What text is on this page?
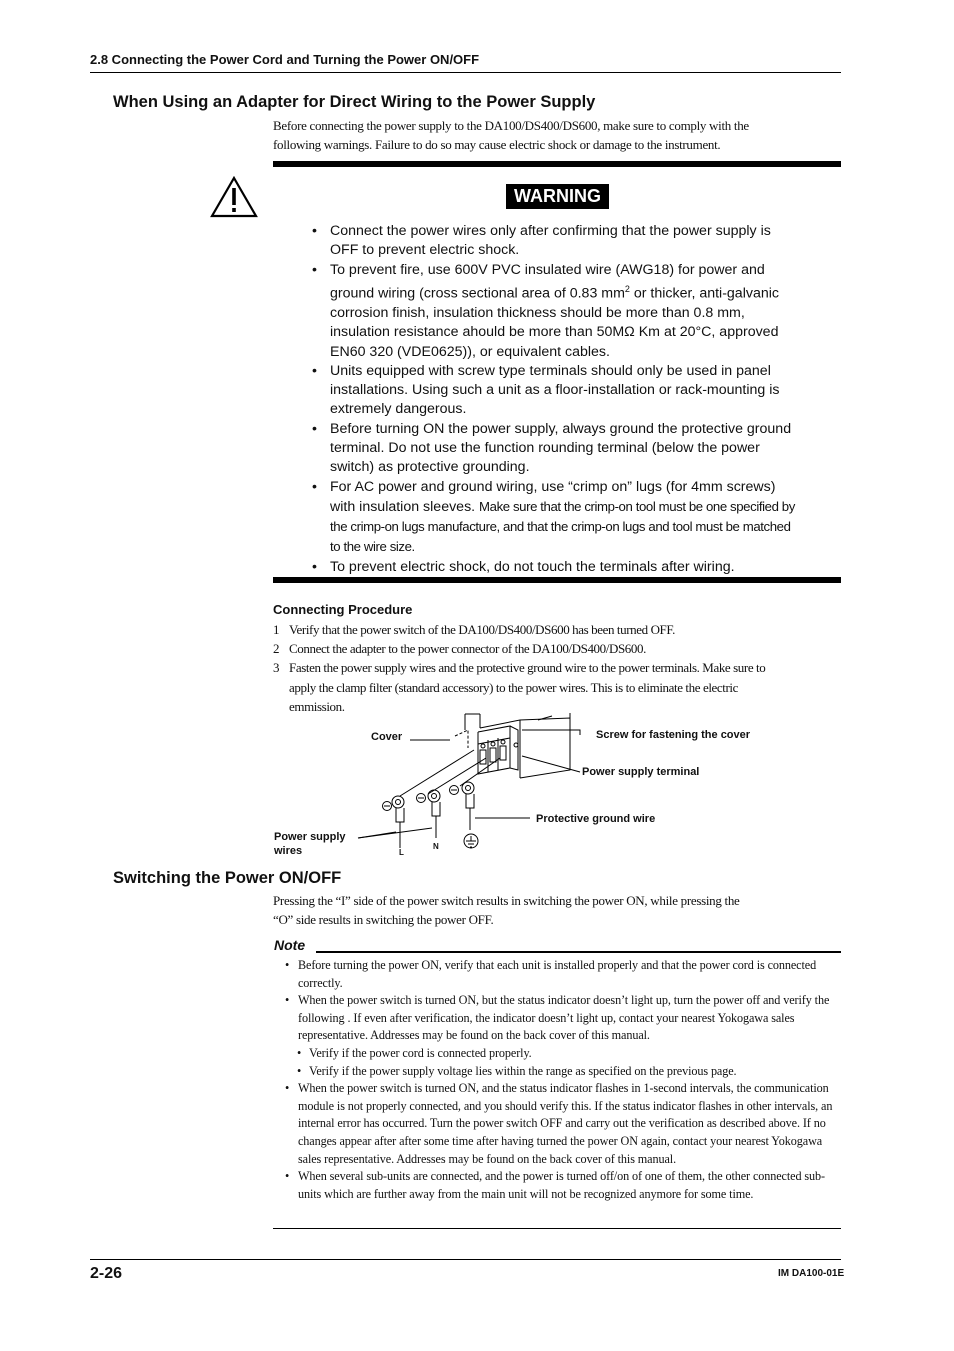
2.8 Connecting the Power Cord and Turning the Power ON/OFF
When Using an Adapter for Direct Wiring to the Power Supply
Before connecting the power supply to the DA100/DS400/DS600, make sure to comply with the
following warnings. Failure to do so may cause electric shock or damage to the instrument.
WARNING
• Connect the power wires only after confirming that the power supply is OFF to prevent electric shock.
• To prevent fire, use 600V PVC insulated wire (AWG18) for power and ground wiring (cross sectional area of 0.83 $mm^2$ or thicker, anti-galvanic corrosion finish, insulation thickness should be more than 0.8 mm, insulation resistance ahould be more than 50MΩ Km at 20°C, approved EN60 320 (VDE0625)), or equivalent cables.
• Units equipped with screw type terminals should only be used in panel installations. Using such a unit as a floor-installation or rack-mounting is extremely dangerous.
• Before turning ON the power supply, always ground the protective ground terminal. Do not use the function rounding terminal (below the power switch) as protective grounding.
• For AC power and ground wiring, use “crimp on” lugs (for 4mm screws) with insulation sleeves. Make sure that the crimp-on tool must be one specified by the crimp-on lugs manufacture, and that the crimp-on lugs and tool must be matched to the wire size.
• To prevent electric shock, do not touch the terminals after wiring.
Connecting Procedure
1 Verify that the power switch of the DA100/DS400/DS600 has been turned OFF.
2 Connect the adapter to the power connector of the DA100/DS400/DS600.
3 Fasten the power supply wires and the protective ground wire to the power terminals. Make sure to apply the clamp filter (standard accessory) to the power wires. This is to eliminate the electric emmission.
Cover	Screw for fastening the cover
Power supply terminal
Protective ground wire
Power supply
wires	L
N
Switching the Power ON/OFF
Pressing the “I” side of the power switch results in switching the power ON, while pressing the
“O” side results in switching the power OFF.
Note
• Before turning the power ON, verify that each unit is installed properly and that the power cord is connected correctly.
• When the power switch is turned ON, but the status indicator doesn’t light up, turn the power off and verify the following . If even after verification, the indicator doesn’t light up, contact your nearest Yokogawa sales representative. Addresses may be found on the back cover of this manual.
• Verify if the power cord is connected properly.
• Verify if the power supply voltage lies within the range as specified on the previous page.
• When the power switch is turned ON, and the status indicator flashes in 1-second intervals, the communication module is not properly connected, and you should verify this. If the status indicator flashes in other intervals, an internal error has occurred. Turn the power switch OFF and carry out the verification as described above. If no changes appear after after some time after having turned the power ON again, contact your nearest Yokogawa sales representative. Addresses may be found on the back cover of this manual.
• When several sub-units are connected, and the power is turned off/on of one of them, the other connected sub-units which are further away from the main unit will not be recognized anymore for some time.
2-26	IM DA100-01E
